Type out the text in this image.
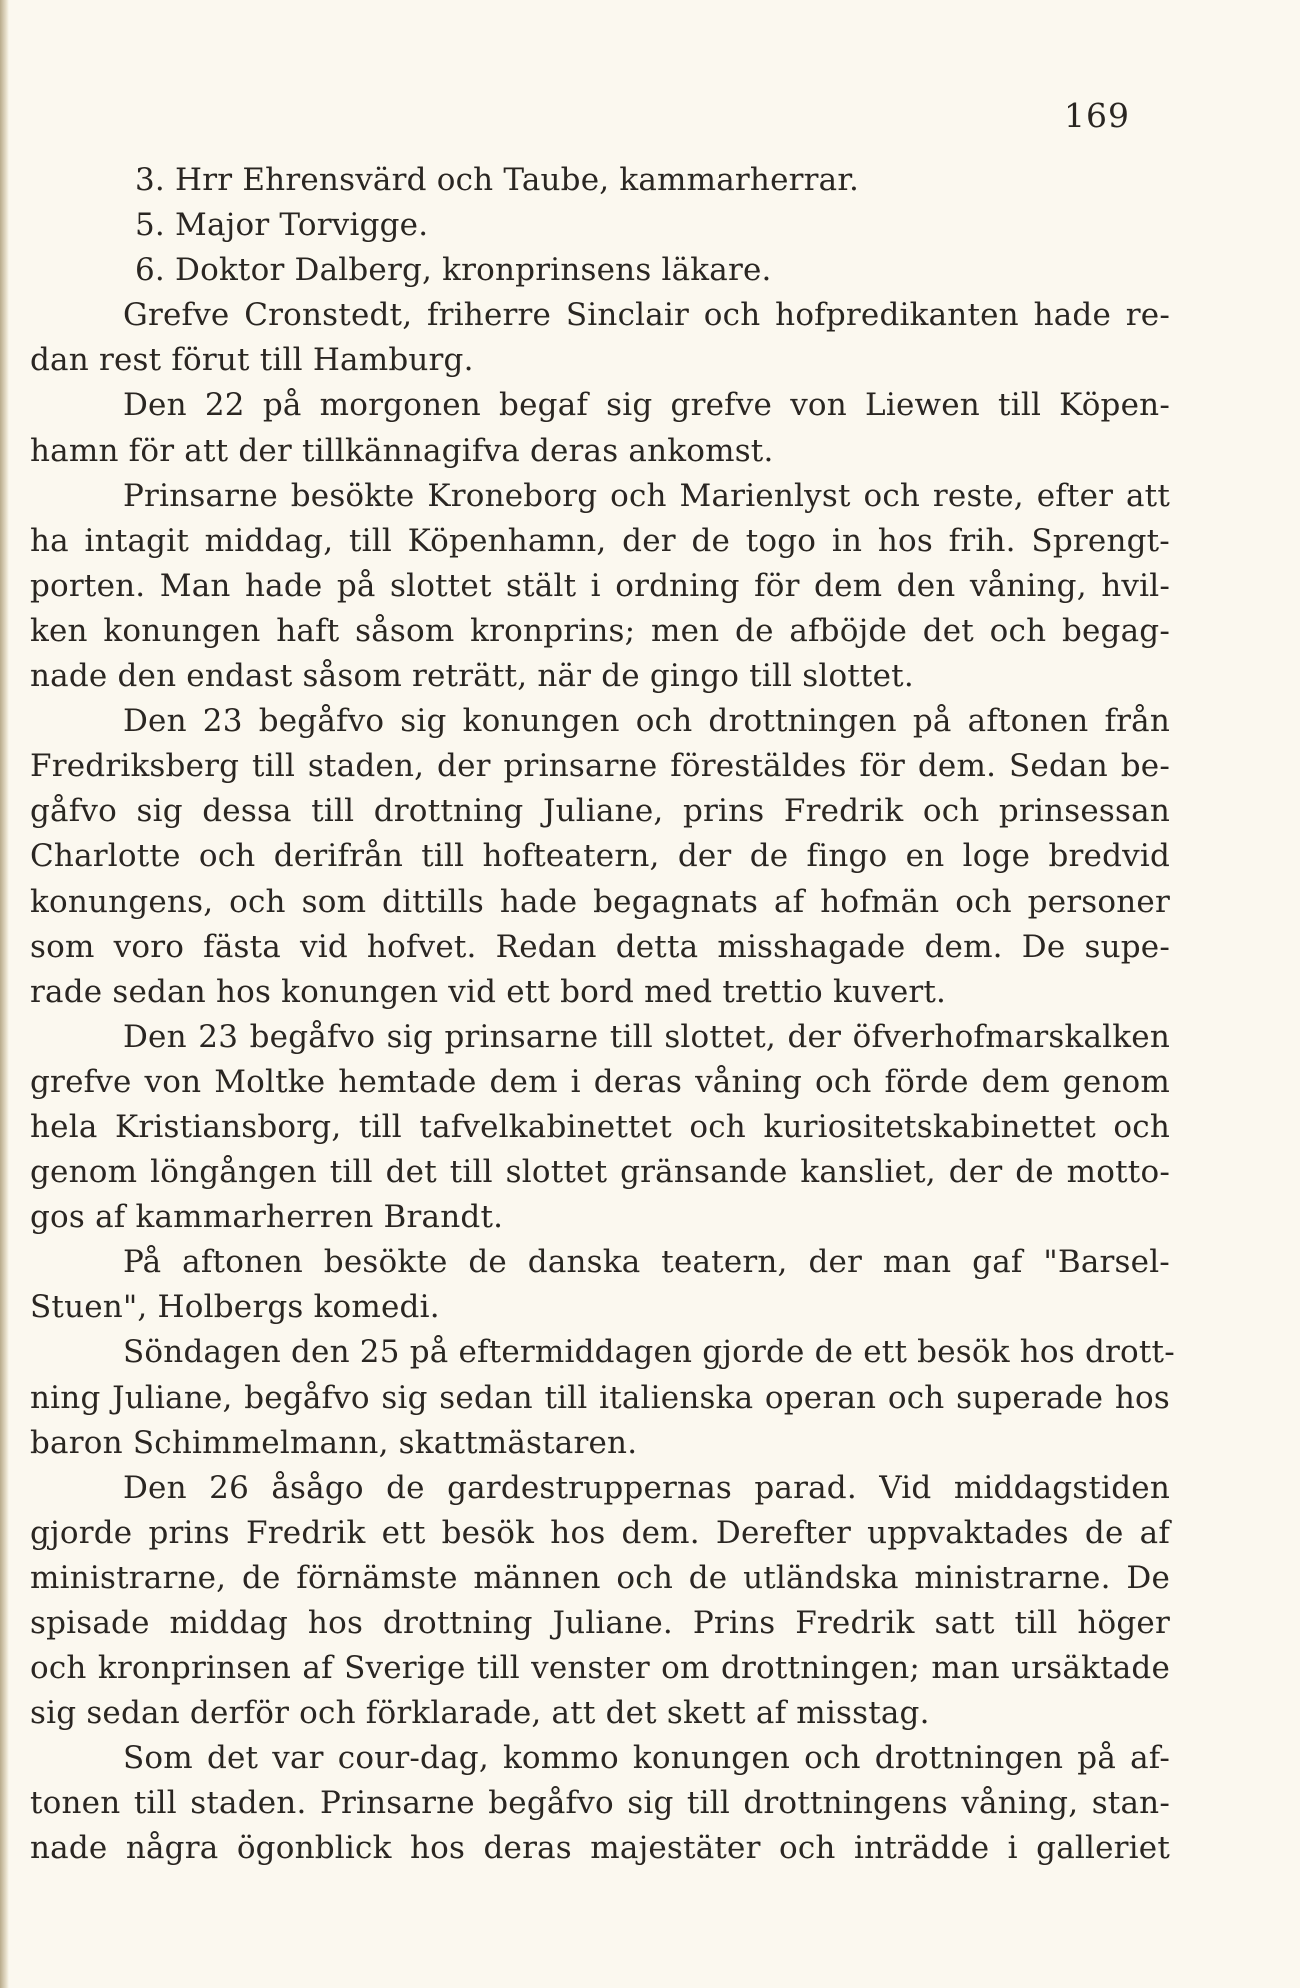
169
3. Hrr Ehrensvärd och Taube, kammarherrar.
5. Major Torvigge.
6. Doktor Dalberg, kronprinsens läkare.
Grefve Cronstedt, friherre Sinclair och hofpredikanten hade re-
dan rest förut till Hamburg.
Den 22 på morgonen begaf sig grefve von Liewen till Köpen-
hamn för att der tillkännagifva deras ankomst.
Prinsarne besökte Kroneborg och Marienlyst och reste, efter att
ha intagit middag, till Köpenhamn, der de togo in hos frih. Sprengt-
porten. Man hade på slottet stält i ordning för dem den våning, hvil-
ken konungen haft såsom kronprins; men de afböjde det och begag-
nade den endast såsom reträtt, när de gingo till slottet.
Den 23 begåfvo sig konungen och drottningen på aftonen från
Fredriksberg till staden, der prinsarne förestäldes för dem. Sedan be-
gåfvo sig dessa till drottning Juliane, prins Fredrik och prinsessan
Charlotte och derifrån till hofteatern, der de fingo en loge bredvid
konungens, och som dittills hade begagnats af hofmän och personer
som voro fästa vid hofvet. Redan detta misshagade dem. De supe-
rade sedan hos konungen vid ett bord med trettio kuvert.
Den 23 begåfvo sig prinsarne till slottet, der öfverhofmarskalken
grefve von Moltke hemtade dem i deras våning och förde dem genom
hela Kristiansborg, till tafvelkabinettet och kuriositetskabinettet och
genom löngången till det till slottet gränsande kansliet, der de motto-
gos af kammarherren Brandt.
På aftonen besökte de danska teatern, der man gaf "Barsel-
Stuen", Holbergs komedi.
Söndagen den 25 på eftermiddagen gjorde de ett besök hos drott-
ning Juliane, begåfvo sig sedan till italienska operan och superade hos
baron Schimmelmann, skattmästaren.
Den 26 åsågo de gardestruppernas parad. Vid middagstiden
gjorde prins Fredrik ett besök hos dem. Derefter uppvaktades de af
ministrarne, de förnämste männen och de utländska ministrarne. De
spisade middag hos drottning Juliane. Prins Fredrik satt till höger
och kronprinsen af Sverige till venster om drottningen; man ursäktade
sig sedan derför och förklarade, att det skett af misstag.
Som det var cour-dag, kommo konungen och drottningen på af-
tonen till staden. Prinsarne begåfvo sig till drottningens våning, stan-
nade några ögonblick hos deras majestäter och inträdde i galleriet
